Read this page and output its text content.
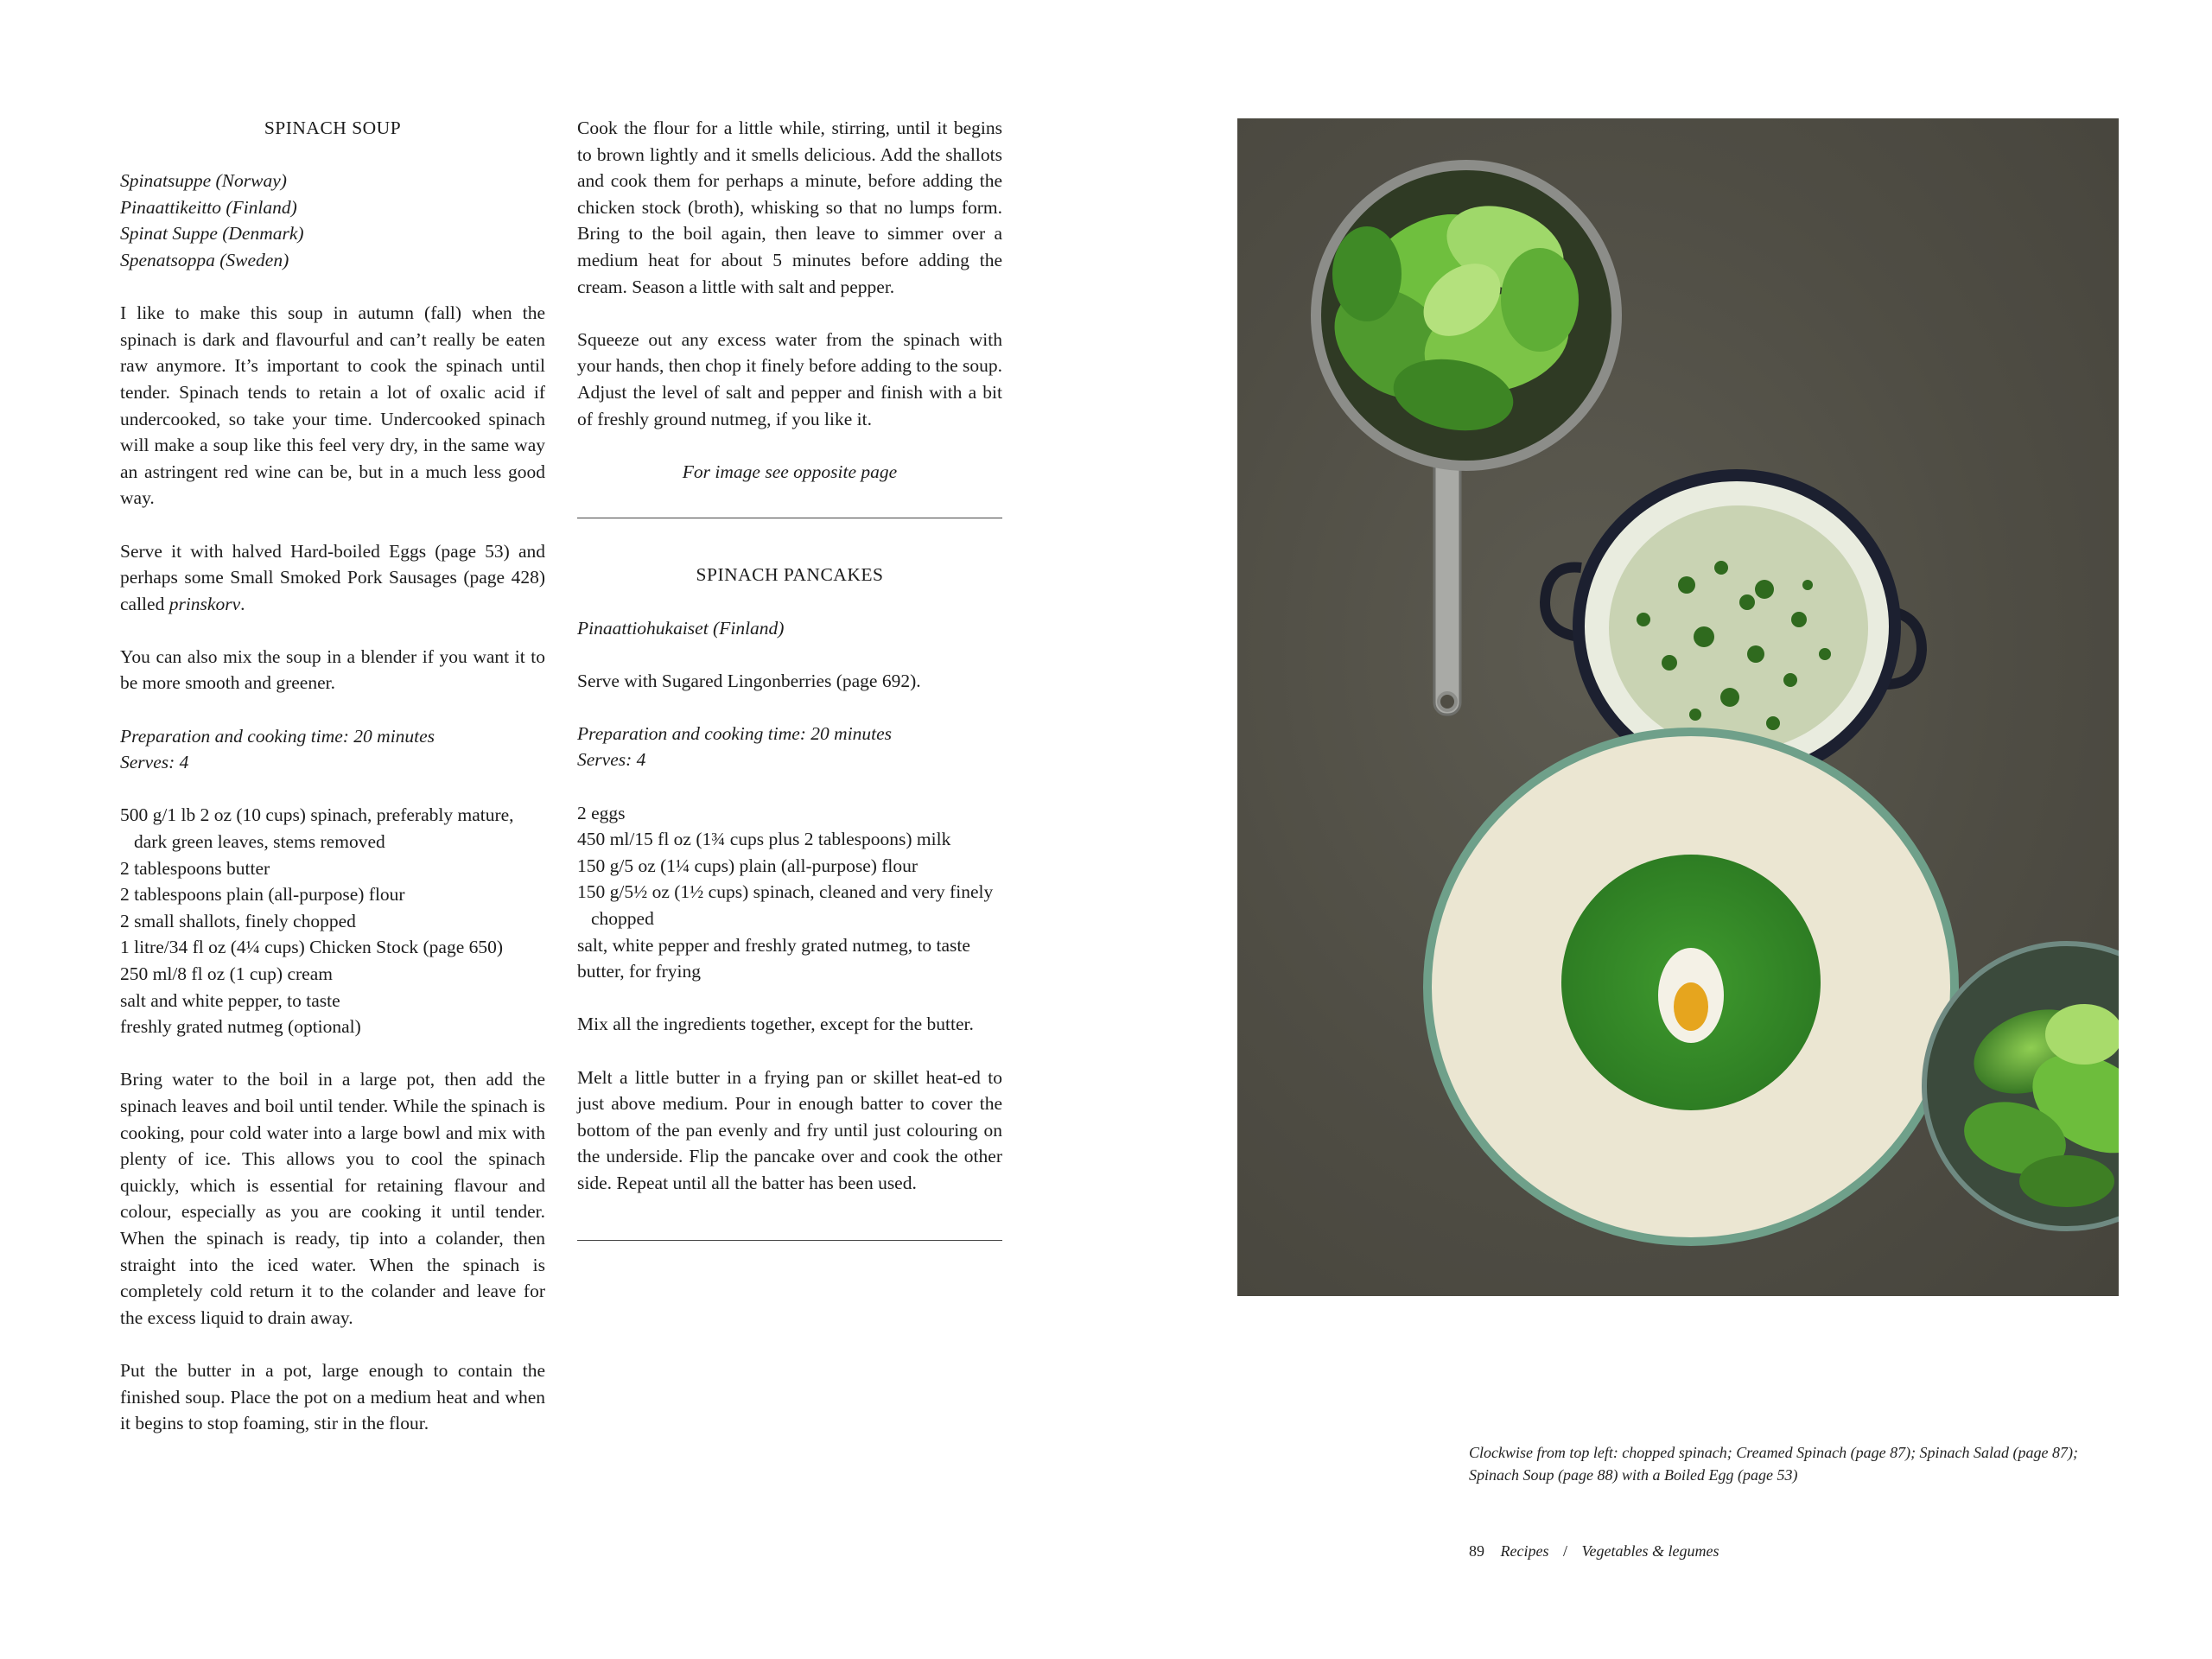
SPINACH SOUP
Spinatsuppe (Norway)
Pinaattikeitto (Finland)
Spinat Suppe (Denmark)
Spenatsoppa (Sweden)

I like to make this soup in autumn (fall) when the spinach is dark and flavourful and can’t really be eaten raw anymore. It’s important to cook the spinach until tender. Spinach tends to retain a lot of oxalic acid if undercooked, so take your time. Undercooked spinach will make a soup like this feel very dry, in the same way an astringent red wine can be, but in a much less good way.

Serve it with halved Hard-boiled Eggs (page 53) and perhaps some Small Smoked Pork Sausages (page 428) called prinskorv.

You can also mix the soup in a blender if you want it to be more smooth and greener.

Preparation and cooking time: 20 minutes
Serves: 4
500 g/1 lb 2 oz (10 cups) spinach, preferably mature, dark green leaves, stems removed
2 tablespoons butter
2 tablespoons plain (all-purpose) flour
2 small shallots, finely chopped
1 litre/34 fl oz (4¼ cups) Chicken Stock (page 650)
250 ml/8 fl oz (1 cup) cream
salt and white pepper, to taste
freshly grated nutmeg (optional)

Bring water to the boil in a large pot, then add the spinach leaves and boil until tender. While the spinach is cooking, pour cold water into a large bowl and mix with plenty of ice. This allows you to cool the spinach quickly, which is essential for retaining flavour and colour, especially as you are cooking it until tender. When the spinach is ready, tip into a colander, then straight into the iced water. When the spinach is completely cold return it to the colander and leave for the excess liquid to drain away.

Put the butter in a pot, large enough to contain the finished soup. Place the pot on a medium heat and when it begins to stop foaming, stir in the flour.

Cook the flour for a little while, stirring, until it begins to brown lightly and it smells delicious. Add the shallots and cook them for perhaps a minute, before adding the chicken stock (broth), whisking so that no lumps form. Bring to the boil again, then leave to simmer over a medium heat for about 5 minutes before adding the cream. Season a little with salt and pepper.

Squeeze out any excess water from the spinach with your hands, then chop it finely before adding to the soup. Adjust the level of salt and pepper and finish with a bit of freshly ground nutmeg, if you like it.

For image see opposite page
SPINACH PANCAKES

Pinaattiohukaiset (Finland)

Serve with Sugared Lingonberries (page 692).

Preparation and cooking time: 20 minutes
Serves: 4
2 eggs
450 ml/15 fl oz (1¾ cups plus 2 tablespoons) milk
150 g/5 oz (1¼ cups) plain (all-purpose) flour
150 g/5½ oz (1½ cups) spinach, cleaned and very finely chopped
salt, white pepper and freshly grated nutmeg, to taste
butter, for frying

Mix all the ingredients together, except for the butter.

Melt a little butter in a frying pan or skillet heat-ed to just above medium. Pour in enough batter to cover the bottom of the pan evenly and fry until just colouring on the underside. Flip the pancake over and cook the other side. Repeat until all the batter has been used.

Clockwise from top left: chopped spinach; Creamed Spinach (page 87); Spinach Salad (page 87); Spinach Soup (page 88) with a Boiled Egg (page 53)
89 Recipes / Vegetables & legumes
